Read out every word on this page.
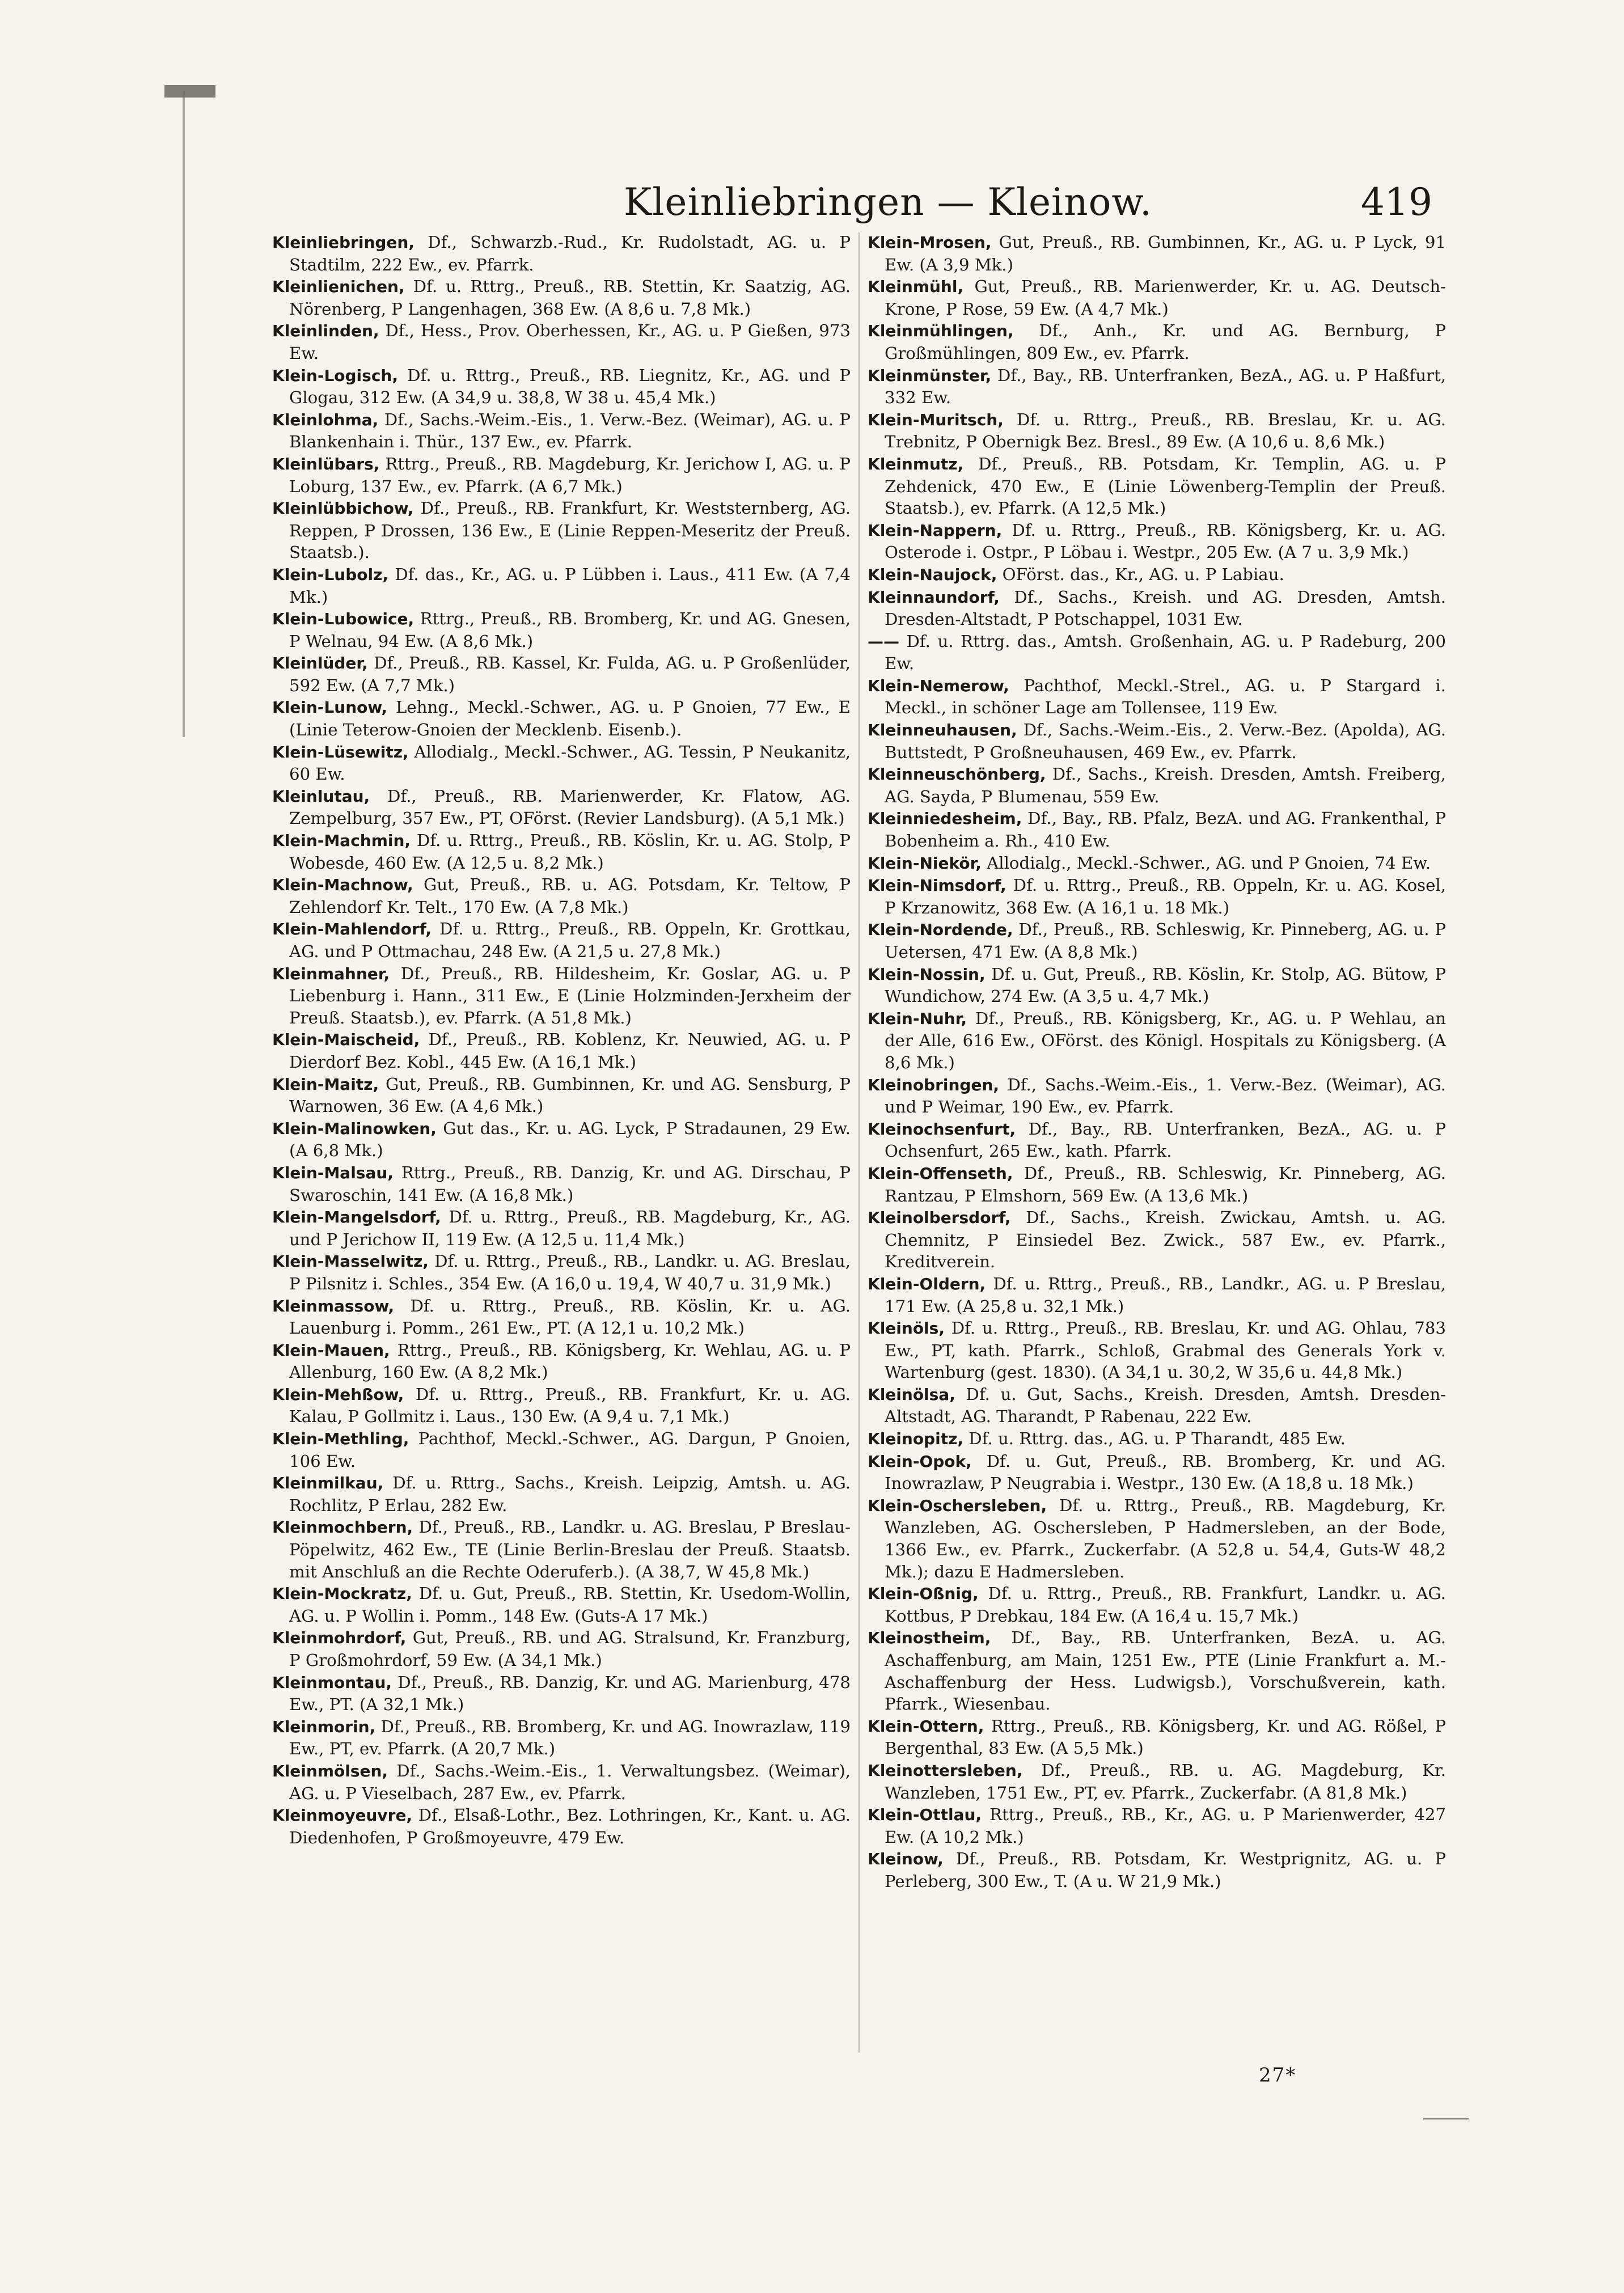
Kleinliebringen — Kleinow.	419

Kleinliebringen, Df., Schwarzb.-Rud., Kr. Rudolstadt, AG. u. P Stadtilm, 222 Ew., ev. Pfarrk.

Kleinlienichen, Df. u. Rttrg., Preuß., RB. Stettin, Kr. Saatzig, AG. Nörenberg, P Langenhagen, 368 Ew. (A 8,6 u. 7,8 Mk.)

Kleinlinden, Df., Hess., Prov. Oberhessen, Kr., AG. u. P Gießen, 973 Ew.

Klein-Logisch, Df. u. Rttrg., Preuß., RB. Liegnitz, Kr., AG. und P Glogau, 312 Ew. (A 34,9 u. 38,8, W 38 u. 45,4 Mk.)

Kleinlohma, Df., Sachs.-Weim.-Eis., 1. Verw.-Bez. (Weimar), AG. u. P Blankenhain i. Thür., 137 Ew., ev. Pfarrk.

Kleinlübars, Rttrg., Preuß., RB. Magdeburg, Kr. Jerichow I, AG. u. P Loburg, 137 Ew., ev. Pfarrk. (A 6,7 Mk.)

Kleinlübbichow, Df., Preuß., RB. Frankfurt, Kr. Weststernberg, AG. Reppen, P Drossen, 136 Ew., E (Linie Reppen-Meseritz der Preuß. Staatsb.).

Klein-Lubolz, Df. das., Kr., AG. u. P Lübben i. Laus., 411 Ew. (A 7,4 Mk.)

Klein-Lubowice, Rttrg., Preuß., RB. Bromberg, Kr. und AG. Gnesen, P Welnau, 94 Ew. (A 8,6 Mk.)

Kleinlüder, Df., Preuß., RB. Kassel, Kr. Fulda, AG. u. P Großenlüder, 592 Ew. (A 7,7 Mk.)

Klein-Lunow, Lehng., Meckl.-Schwer., AG. u. P Gnoien, 77 Ew., E (Linie Teterow-Gnoien der Mecklenb. Eisenb.).

Klein-Lüsewitz, Allodialg., Meckl.-Schwer., AG. Tessin, P Neukanitz, 60 Ew.

Kleinlutau, Df., Preuß., RB. Marienwerder, Kr. Flatow, AG. Zempelburg, 357 Ew., PT, OFörst. (Revier Landsburg). (A 5,1 Mk.)

Klein-Machmin, Df. u. Rttrg., Preuß., RB. Köslin, Kr. u. AG. Stolp, P Wobesde, 460 Ew. (A 12,5 u. 8,2 Mk.)

Klein-Machnow, Gut, Preuß., RB. u. AG. Potsdam, Kr. Teltow, P Zehlendorf Kr. Telt., 170 Ew. (A 7,8 Mk.)

Klein-Mahlendorf, Df. u. Rttrg., Preuß., RB. Oppeln, Kr. Grottkau, AG. und P Ottmachau, 248 Ew. (A 21,5 u. 27,8 Mk.)

Kleinmahner, Df., Preuß., RB. Hildesheim, Kr. Goslar, AG. u. P Liebenburg i. Hann., 311 Ew., E (Linie Holzminden-Jerxheim der Preuß. Staatsb.), ev. Pfarrk. (A 51,8 Mk.)

Klein-Maischeid, Df., Preuß., RB. Koblenz, Kr. Neuwied, AG. u. P Dierdorf Bez. Kobl., 445 Ew. (A 16,1 Mk.)

Klein-Maitz, Gut, Preuß., RB. Gumbinnen, Kr. und AG. Sensburg, P Warnowen, 36 Ew. (A 4,6 Mk.)

Klein-Malinowken, Gut das., Kr. u. AG. Lyck, P Stradaunen, 29 Ew. (A 6,8 Mk.)

Klein-Malsau, Rttrg., Preuß., RB. Danzig, Kr. und AG. Dirschau, P Swaroschin, 141 Ew. (A 16,8 Mk.)

Klein-Mangelsdorf, Df. u. Rttrg., Preuß., RB. Magdeburg, Kr., AG. und P Jerichow II, 119 Ew. (A 12,5 u. 11,4 Mk.)

Klein-Masselwitz, Df. u. Rttrg., Preuß., RB., Landkr. u. AG. Breslau, P Pilsnitz i. Schles., 354 Ew. (A 16,0 u. 19,4, W 40,7 u. 31,9 Mk.)

Kleinmassow, Df. u. Rttrg., Preuß., RB. Köslin, Kr. u. AG. Lauenburg i. Pomm., 261 Ew., PT. (A 12,1 u. 10,2 Mk.)

Klein-Mauen, Rttrg., Preuß., RB. Königsberg, Kr. Wehlau, AG. u. P Allenburg, 160 Ew. (A 8,2 Mk.)

Klein-Mehßow, Df. u. Rttrg., Preuß., RB. Frankfurt, Kr. u. AG. Kalau, P Gollmitz i. Laus., 130 Ew. (A 9,4 u. 7,1 Mk.)

Klein-Methling, Pachthof, Meckl.-Schwer., AG. Dargun, P Gnoien, 106 Ew.

Kleinmilkau, Df. u. Rttrg., Sachs., Kreish. Leipzig, Amtsh. u. AG. Rochlitz, P Erlau, 282 Ew.

Kleinmochbern, Df., Preuß., RB., Landkr. u. AG. Breslau, P Breslau-Pöpelwitz, 462 Ew., TE (Linie Berlin-Breslau der Preuß. Staatsb. mit Anschluß an die Rechte Oderuferb.). (A 38,7, W 45,8 Mk.)

Klein-Mockratz, Df. u. Gut, Preuß., RB. Stettin, Kr. Usedom-Wollin, AG. u. P Wollin i. Pomm., 148 Ew. (Guts-A 17 Mk.)

Kleinmohrdorf, Gut, Preuß., RB. und AG. Stralsund, Kr. Franzburg, P Großmohrdorf, 59 Ew. (A 34,1 Mk.)

Kleinmontau, Df., Preuß., RB. Danzig, Kr. und AG. Marienburg, 478 Ew., PT. (A 32,1 Mk.)

Kleinmorin, Df., Preuß., RB. Bromberg, Kr. und AG. Inowrazlaw, 119 Ew., PT, ev. Pfarrk. (A 20,7 Mk.)

Kleinmölsen, Df., Sachs.-Weim.-Eis., 1. Verwaltungsbez. (Weimar), AG. u. P Vieselbach, 287 Ew., ev. Pfarrk.

Kleinmoyeuvre, Df., Elsaß-Lothr., Bez. Lothringen, Kr., Kant. u. AG. Diedenhofen, P Großmoyeuvre, 479 Ew.

Klein-Mrosen, Gut, Preuß., RB. Gumbinnen, Kr., AG. u. P Lyck, 91 Ew. (A 3,9 Mk.)

Kleinmühl, Gut, Preuß., RB. Marienwerder, Kr. u. AG. Deutsch-Krone, P Rose, 59 Ew. (A 4,7 Mk.)

Kleinmühlingen, Df., Anh., Kr. und AG. Bernburg, P Großmühlingen, 809 Ew., ev. Pfarrk.

Kleinmünster, Df., Bay., RB. Unterfranken, BezA., AG. u. P Haßfurt, 332 Ew.

Klein-Muritsch, Df. u. Rttrg., Preuß., RB. Breslau, Kr. u. AG. Trebnitz, P Obernigk Bez. Bresl., 89 Ew. (A 10,6 u. 8,6 Mk.)

Kleinmutz, Df., Preuß., RB. Potsdam, Kr. Templin, AG. u. P Zehdenick, 470 Ew., E (Linie Löwenberg-Templin der Preuß. Staatsb.), ev. Pfarrk. (A 12,5 Mk.)

Klein-Nappern, Df. u. Rttrg., Preuß., RB. Königsberg, Kr. u. AG. Osterode i. Ostpr., P Löbau i. Westpr., 205 Ew. (A 7 u. 3,9 Mk.)

Klein-Naujock, OFörst. das., Kr., AG. u. P Labiau.

Kleinnaundorf, Df., Sachs., Kreish. und AG. Dresden, Amtsh. Dresden-Altstadt, P Potschappel, 1031 Ew.

—— Df. u. Rttrg. das., Amtsh. Großenhain, AG. u. P Radeburg, 200 Ew.

Klein-Nemerow, Pachthof, Meckl.-Strel., AG. u. P Stargard i. Meckl., in schöner Lage am Tollensee, 119 Ew.

Kleinneuhausen, Df., Sachs.-Weim.-Eis., 2. Verw.-Bez. (Apolda), AG. Buttstedt, P Großneuhausen, 469 Ew., ev. Pfarrk.

Kleinneuschönberg, Df., Sachs., Kreish. Dresden, Amtsh. Freiberg, AG. Sayda, P Blumenau, 559 Ew.

Kleinniedesheim, Df., Bay., RB. Pfalz, BezA. und AG. Frankenthal, P Bobenheim a. Rh., 410 Ew.

Klein-Niekör, Allodialg., Meckl.-Schwer., AG. und P Gnoien, 74 Ew.

Klein-Nimsdorf, Df. u. Rttrg., Preuß., RB. Oppeln, Kr. u. AG. Kosel, P Krzanowitz, 368 Ew. (A 16,1 u. 18 Mk.)

Klein-Nordende, Df., Preuß., RB. Schleswig, Kr. Pinneberg, AG. u. P Uetersen, 471 Ew. (A 8,8 Mk.)

Klein-Nossin, Df. u. Gut, Preuß., RB. Köslin, Kr. Stolp, AG. Bütow, P Wundichow, 274 Ew. (A 3,5 u. 4,7 Mk.)

Klein-Nuhr, Df., Preuß., RB. Königsberg, Kr., AG. u. P Wehlau, an der Alle, 616 Ew., OFörst. des Königl. Hospitals zu Königsberg. (A 8,6 Mk.)

Kleinobringen, Df., Sachs.-Weim.-Eis., 1. Verw.-Bez. (Weimar), AG. und P Weimar, 190 Ew., ev. Pfarrk.

Kleinochsenfurt, Df., Bay., RB. Unterfranken, BezA., AG. u. P Ochsenfurt, 265 Ew., kath. Pfarrk.

Klein-Offenseth, Df., Preuß., RB. Schleswig, Kr. Pinneberg, AG. Rantzau, P Elmshorn, 569 Ew. (A 13,6 Mk.)

Kleinolbersdorf, Df., Sachs., Kreish. Zwickau, Amtsh. u. AG. Chemnitz, P Einsiedel Bez. Zwick., 587 Ew., ev. Pfarrk., Kreditverein.

Klein-Oldern, Df. u. Rttrg., Preuß., RB., Landkr., AG. u. P Breslau, 171 Ew. (A 25,8 u. 32,1 Mk.)

Kleinöls, Df. u. Rttrg., Preuß., RB. Breslau, Kr. und AG. Ohlau, 783 Ew., PT, kath. Pfarrk., Schloß, Grabmal des Generals York v. Wartenburg (gest. 1830). (A 34,1 u. 30,2, W 35,6 u. 44,8 Mk.)

Kleinölsa, Df. u. Gut, Sachs., Kreish. Dresden, Amtsh. Dresden-Altstadt, AG. Tharandt, P Rabenau, 222 Ew.

Kleinopitz, Df. u. Rttrg. das., AG. u. P Tharandt, 485 Ew.

Klein-Opok, Df. u. Gut, Preuß., RB. Bromberg, Kr. und AG. Inowrazlaw, P Neugrabia i. Westpr., 130 Ew. (A 18,8 u. 18 Mk.)

Klein-Oschersleben, Df. u. Rttrg., Preuß., RB. Magdeburg, Kr. Wanzleben, AG. Oschersleben, P Hadmersleben, an der Bode, 1366 Ew., ev. Pfarrk., Zuckerfabr. (A 52,8 u. 54,4, Guts-W 48,2 Mk.); dazu E Hadmersleben.

Klein-Oßnig, Df. u. Rttrg., Preuß., RB. Frankfurt, Landkr. u. AG. Kottbus, P Drebkau, 184 Ew. (A 16,4 u. 15,7 Mk.)

Kleinostheim, Df., Bay., RB. Unterfranken, BezA. u. AG. Aschaffenburg, am Main, 1251 Ew., PTE (Linie Frankfurt a. M.-Aschaffenburg der Hess. Ludwigsb.), Vorschußverein, kath. Pfarrk., Wiesenbau.

Klein-Ottern, Rttrg., Preuß., RB. Königsberg, Kr. und AG. Rößel, P Bergenthal, 83 Ew. (A 5,5 Mk.)

Kleinottersleben, Df., Preuß., RB. u. AG. Magdeburg, Kr. Wanzleben, 1751 Ew., PT, ev. Pfarrk., Zuckerfabr. (A 81,8 Mk.)

Klein-Ottlau, Rttrg., Preuß., RB., Kr., AG. u. P Marienwerder, 427 Ew. (A 10,2 Mk.)

Kleinow, Df., Preuß., RB. Potsdam, Kr. Westprignitz, AG. u. P Perleberg, 300 Ew., T. (A u. W 21,9 Mk.)

27*
